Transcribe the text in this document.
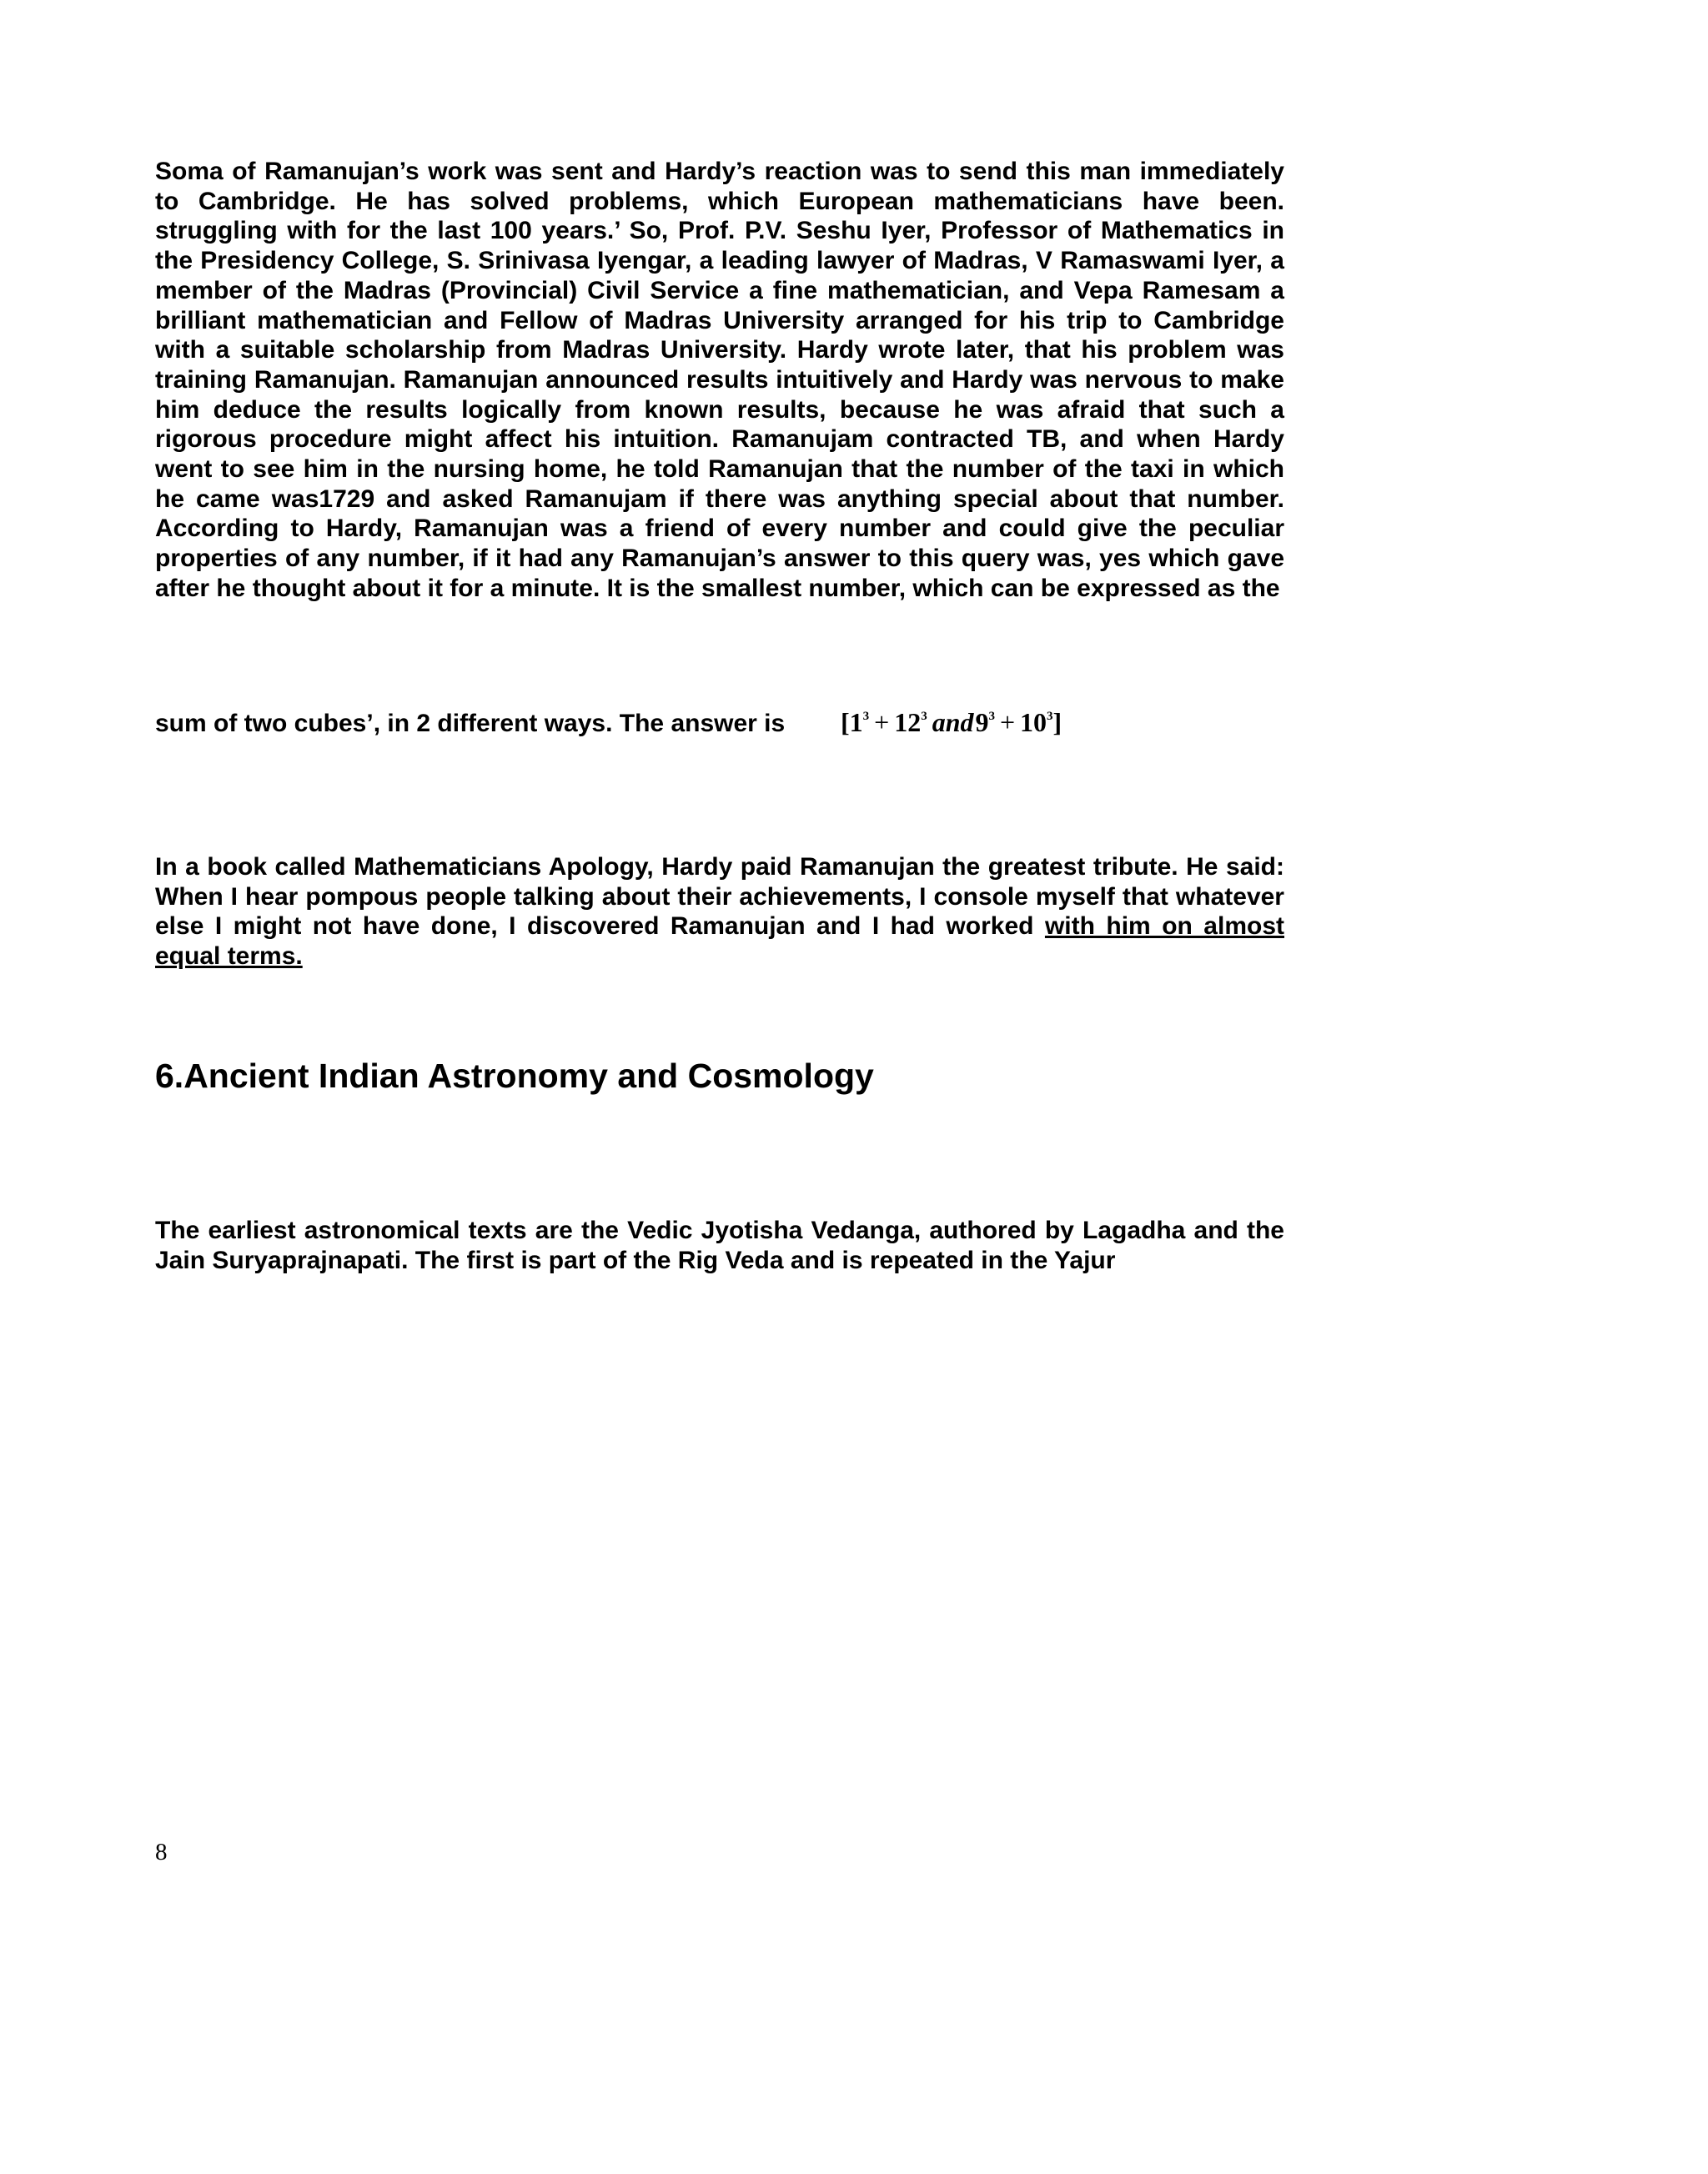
Soma of Ramanujan’s work was sent and Hardy’s reaction was to send this man immediately to Cambridge. He has solved problems, which European mathematicians have been. struggling with for the last 100 years.’ So, Prof. P.V. Seshu Iyer, Professor of Mathematics in the Presidency College, S. Srinivasa Iyengar, a leading lawyer of Madras, V Ramaswami Iyer, a member of the Madras (Provincial) Civil Service a fine mathematician, and Vepa Ramesam a brilliant mathematician and Fellow of Madras University arranged for his trip to Cambridge with a suitable scholarship from Madras University. Hardy wrote later, that his problem was training Ramanujan. Ramanujan announced results intuitively and Hardy was nervous to make him deduce the results logically from known results, because he was afraid that such a rigorous procedure might affect his intuition. Ramanujam contracted TB, and when Hardy went to see him in the nursing home, he told Ramanujan that the number of the taxi in which he came was1729 and asked Ramanujam if there was anything special about that number. According to Hardy, Ramanujan was a friend of every number and could give the peculiar properties of any number, if it had any Ramanujan’s answer to this query was, yes which gave after he thought about it for a minute. It is the smallest number, which can be expressed as the

sum of two cubes’, in 2 different ways. The answer is	[$1^3 + 12^3$ $and9^3 + 10^3$]

In a book called Mathematicians Apology, Hardy paid Ramanujan the greatest tribute. He said: When I hear pompous people talking about their achievements, I console myself that whatever else I might not have done, I discovered Ramanujan and I had worked with him on almost equal terms.

6.Ancient Indian Astronomy and Cosmology

The earliest astronomical texts are the Vedic Jyotisha Vedanga, authored by Lagadha and the Jain Suryaprajnapati. The first is part of the Rig Veda and is repeated in the Yajur

8
